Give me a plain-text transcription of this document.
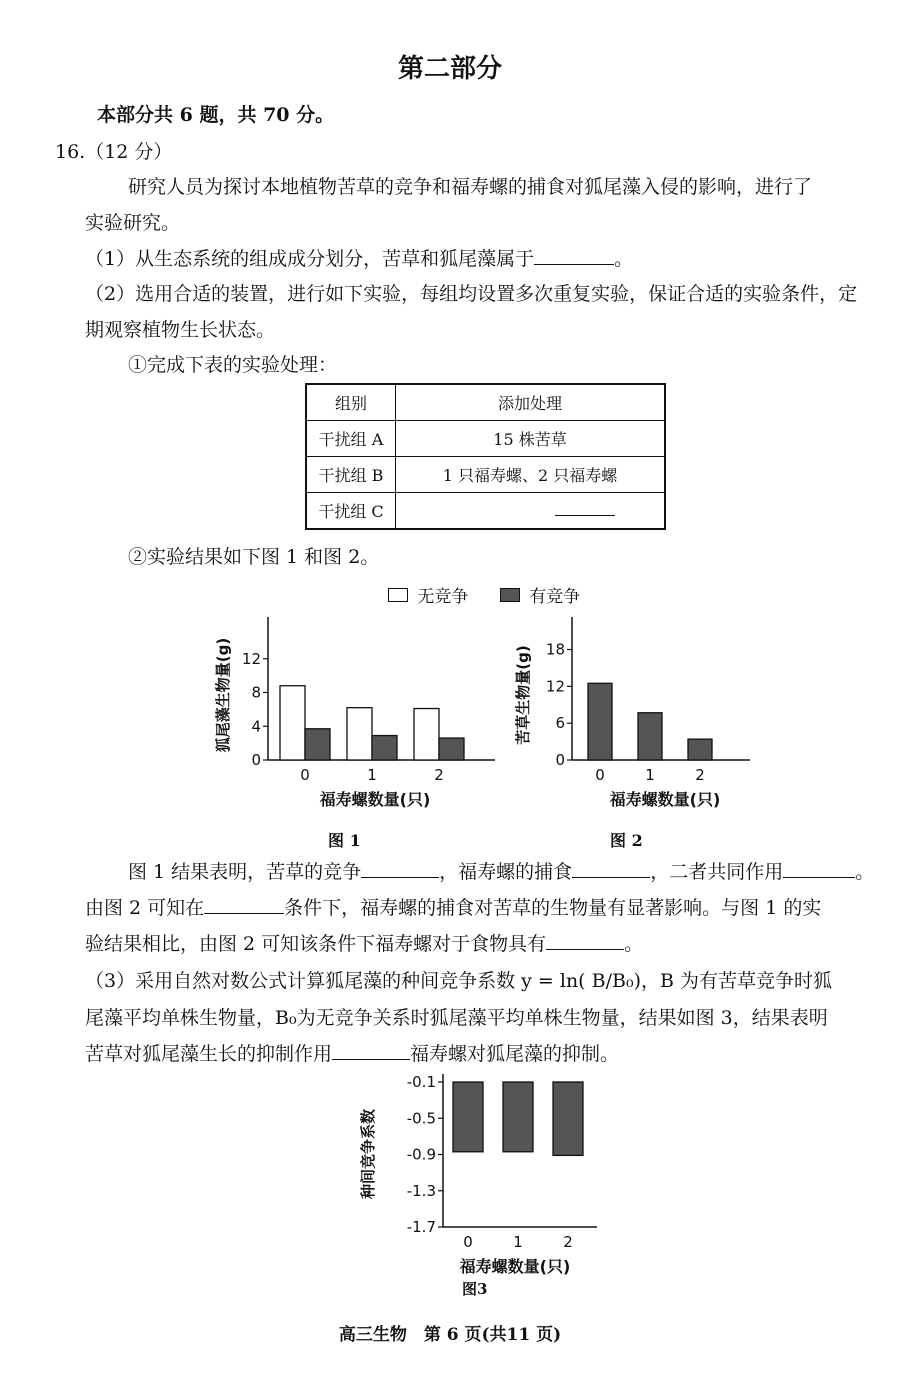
第二部分
本部分共 6 题，共 70 分。
16.（12 分）
研究人员为探讨本地植物苦草的竞争和福寿螺的捕食对狐尾藻入侵的影响，进行了
实验研究。
（1）从生态系统的组成成分划分，苦草和狐尾藻属于	。
（2）选用合适的装置，进行如下实验，每组均设置多次重复实验，保证合适的实验条件，定
期观察植物生长状态。
①完成下表的实验处理：
组别	添加处理
干扰组 A	15 株苦草
干扰组 B	1 只福寿螺、2 只福寿螺
干扰组 C	
②实验结果如下图 1 和图 2。
无竞争	有竞争
0
4
8
12
0	1	2
福寿螺数量(只)
狐尾藻生物量(g)
图 1
0
6
12
18
0	1	2
福寿螺数量(只)
苦草生物量(g)
图 2
图 1 结果表明，苦草的竞争	，福寿螺的捕食	，二者共同作用	。
由图 2 可知在	条件下，福寿螺的捕食对苦草的生物量有显著影响。与图 1 的实
验结果相比，由图 2 可知该条件下福寿螺对于食物具有	。
（3）采用自然对数公式计算狐尾藻的种间竞争系数 y = ln( B/B₀)，B 为有苦草竞争时狐
尾藻平均单株生物量，B₀为无竞争关系时狐尾藻平均单株生物量，结果如图 3，结果表明
苦草对狐尾藻生长的抑制作用	福寿螺对狐尾藻的抑制。
-0.1
-0.5
-0.9
-1.3
-1.7
0	1	2
福寿螺数量(只)
种间竞争系数
图3
高三生物　第 6 页(共11 页)
